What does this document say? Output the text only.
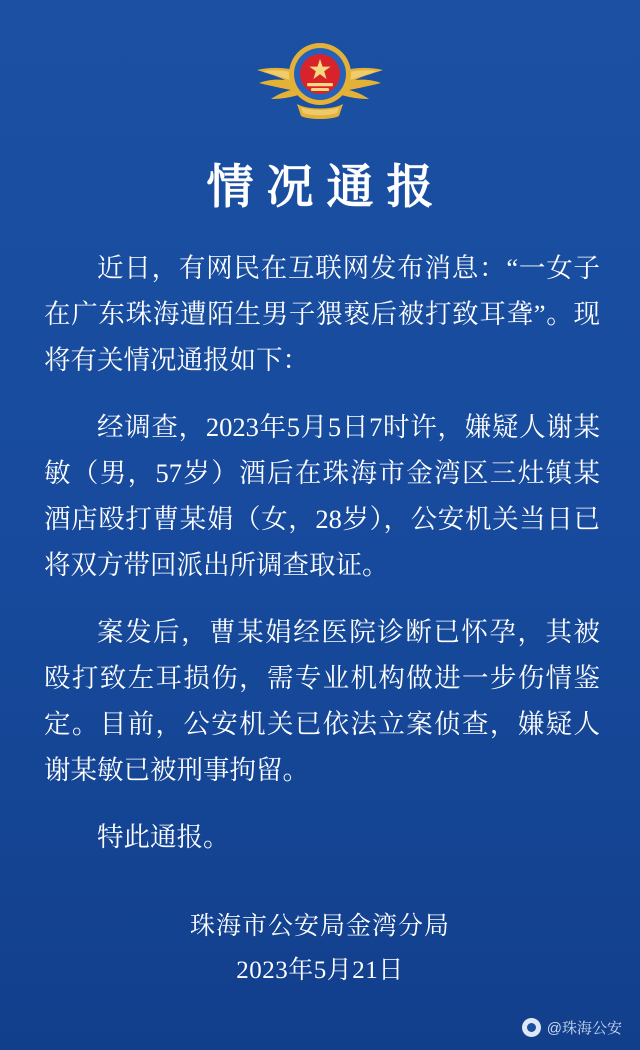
情况通报

近日，有网民在互联网发布消息：“一女子在广东珠海遭陌生男子猥亵后被打致耳聋”。现将有关情况通报如下：

经调查，2023年5月5日7时许，嫌疑人谢某敏（男，57岁）酒后在珠海市金湾区三灶镇某酒店殴打曹某娟（女，28岁），公安机关当日已将双方带回派出所调查取证。

案发后，曹某娟经医院诊断已怀孕，其被殴打致左耳损伤，需专业机构做进一步伤情鉴定。目前，公安机关已依法立案侦查，嫌疑人谢某敏已被刑事拘留。

特此通报。

珠海市公安局金湾分局
2023年5月21日
@珠海公安
